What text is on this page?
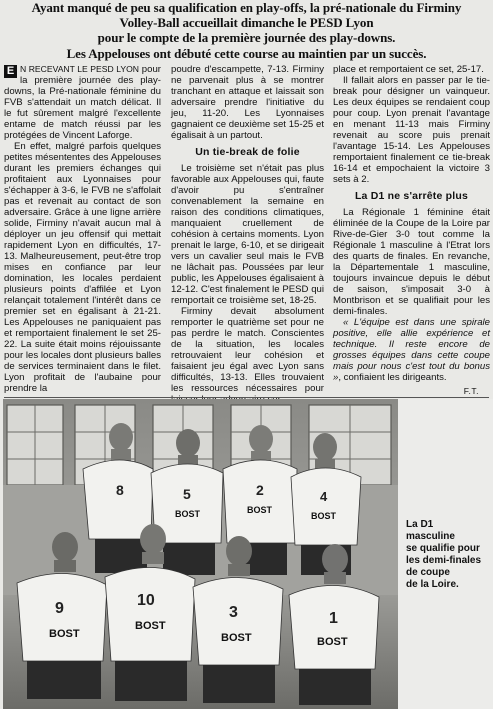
Ayant manqué de peu sa qualification en play-offs, la pré-nationale du Firminy
Volley-Ball accueillait dimanche le PESD Lyon
pour le compte de la première journée des play-downs.
Les Appelouses ont débuté cette course au maintien par un succès.

E N RECEVANT LE PESD LYON pour la première journée des play-downs, la Pré-nationale féminine du FVB s'attendait un match délicat. Il le fut sûrement malgré l'excellente entame de match réussi par les protégées de Vincent Laforge.

En effet, malgré parfois quelques petites mésententes des Appelouses durant les premiers échanges qui profitaient aux Lyonnaises pour s'échapper à 3-6, le FVB ne s'affolait pas et revenait au contact de son adversaire. Grâce à une ligne arrière solide, Firminy n'avait aucun mal à déployer un jeu offensif qui mettait rapidement Lyon en difficultés, 17-13. Malheureusement, peut-être trop mises en confiance par leur domination, les locales perdaient plusieurs points d'affilée et Lyon relançait totalement l'intérêt dans ce premier set en égalisant à 21-21. Les Appelouses ne paniquaient pas et remportaient finalement le set 25-22. La suite était moins réjouissante pour les locales dont plusieurs balles de services terminaient dans le filet. Lyon profitait de l'aubaine pour prendre la

poudre d'escampette, 7-13. Firminy ne parvenait plus à se montrer tranchant en attaque et laissait son adversaire prendre l'initiative du jeu, 11-20. Les Lyonnaises gagnaient ce deuxième set 15-25 et égalisait à un partout.

Un tie-break de folie

Le troisième set n'était pas plus favorable aux Appelouses qui, faute d'avoir pu s'entraîner convenablement la semaine en raison des conditions climatiques, manquaient cruellement de cohésion à certains moments. Lyon prenait le large, 6-10, et se dirigeait vers un cavalier seul mais le FVB ne lâchait pas. Poussées par leur public, les Appelouses égalisaient à 12-12. C'est finalement le PESD qui remportait ce troisième set, 18-25.

Firminy devait absolument remporter le quatrième set pour ne pas perdre le match. Conscientes de la situation, les locales retrouvaient leur cohésion et faisaient jeu égal avec Lyon sans difficultés, 13-13. Elles trouvaient les ressources nécessaires pour

place et remportaient ce set, 25-17.

Il fallait alors en passer par le tie-break pour désigner un vainqueur. Les deux équipes se rendaient coup pour coup. Lyon prenait l'avantage en menant 11-13 mais Firminy revenait au score puis prenait l'avantage 15-14. Les Appelouses remportaient finalement ce tie-break 16-14 et empochaient la victoire 3 sets à 2.

La D1 ne s'arrête plus

La Régionale 1 féminine était éliminée de la Coupe de la Loire par Rive-de-Gier 3-0 tout comme la Régionale 1 masculine à l'Etrat lors des quarts de finales. En revanche, la Départementale 1 masculine, toujours invaincue depuis le début de saison, s'imposait 3-0 à Montbrison et se qualifiait pour les demi-finales.

« L'équipe est dans une spirale positive, elle allie expérience et technique. Il reste encore de grosses équipes dans cette coupe mais pour nous c'est tout du bonus », confiaient les dirigeants.

F.T.
8	5
BOST
2
BOST
4
BOST
9
BOST
10
BOST
3
BOST
1
BOST
La D1
masculine
se qualifie pour
les demi-finales
de coupe
de la Loire.
